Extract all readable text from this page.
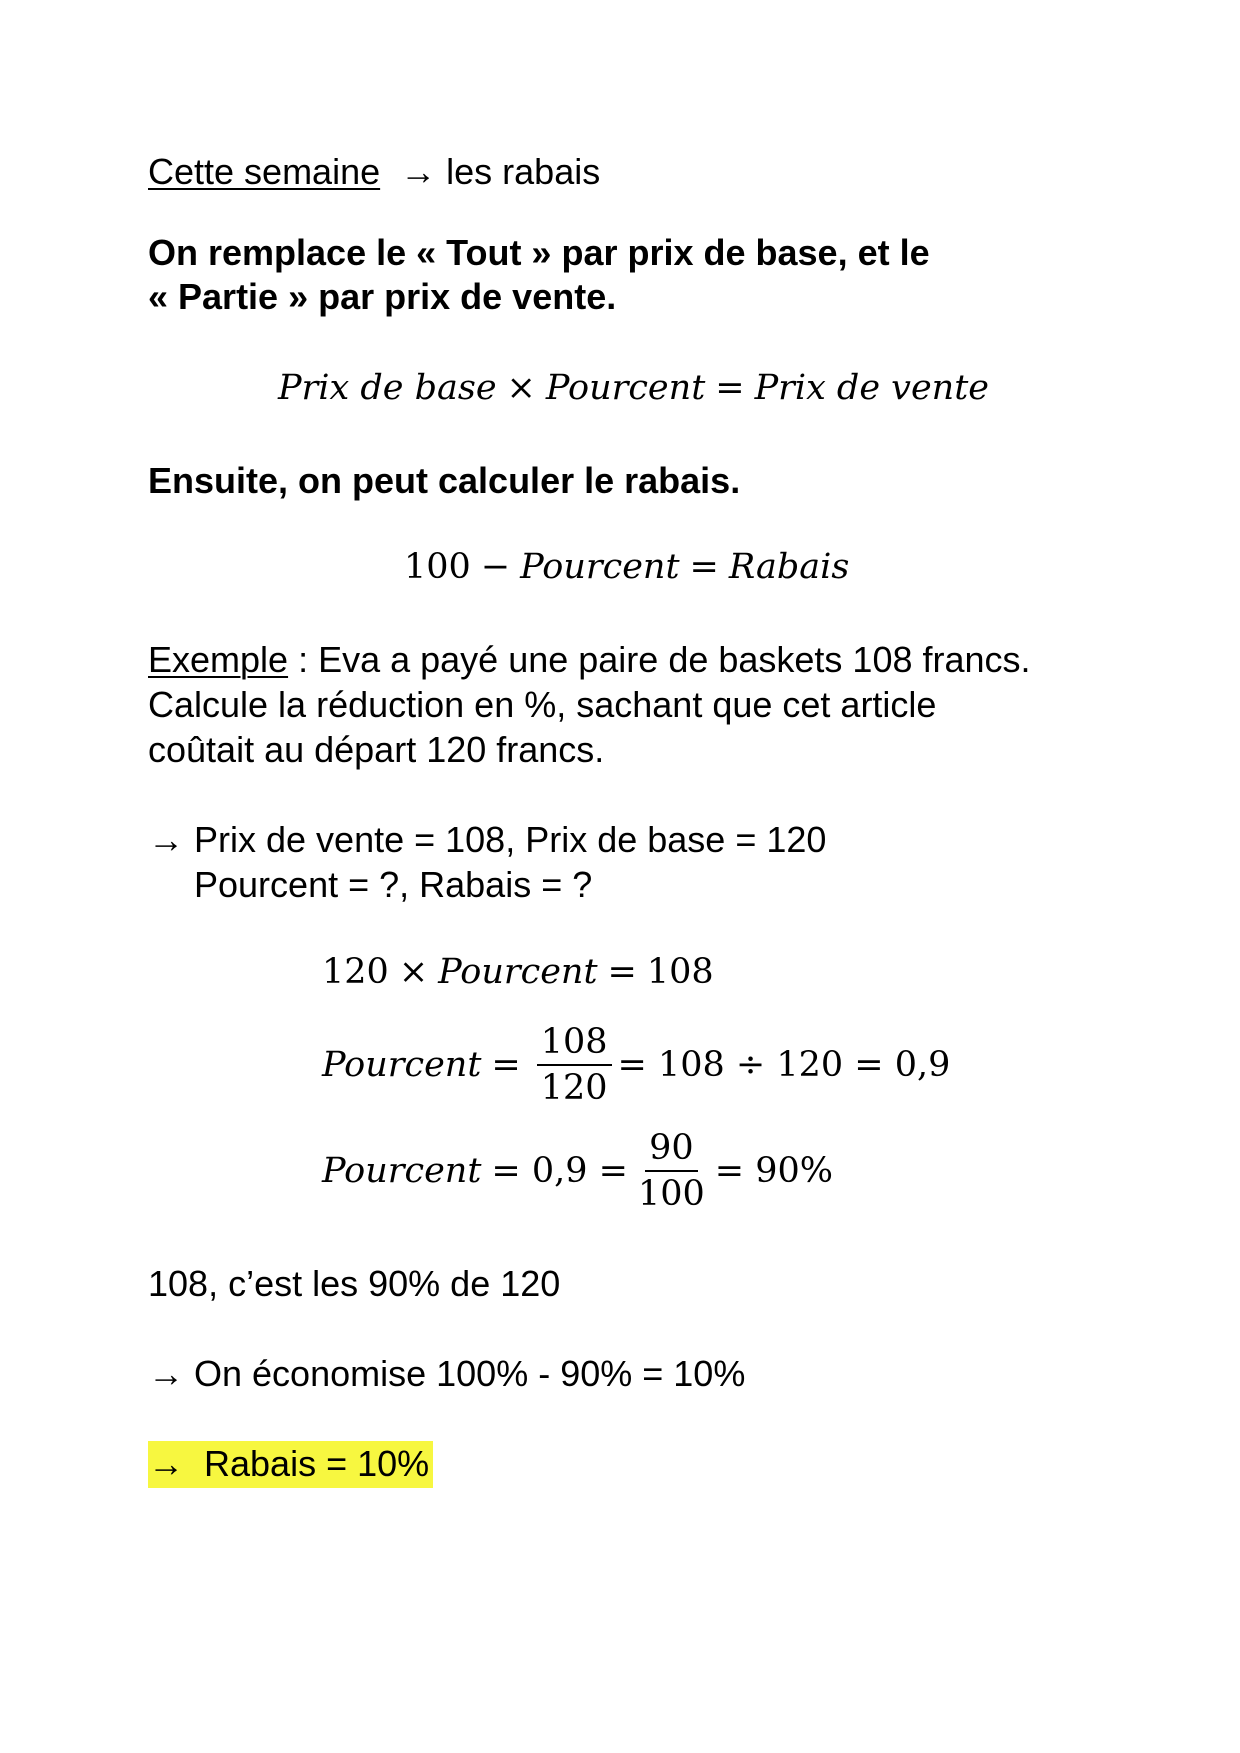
Cette semaine → les rabais
On remplace le « Tout » par prix de base, et le
« Partie » par prix de vente.
Prix de base × Pourcent = Prix de vente
Ensuite, on peut calculer le rabais.
100 − Pourcent = Rabais
Exemple : Eva a payé une paire de baskets 108 francs.
Calcule la réduction en %, sachant que cet article
coûtait au départ 120 francs.
→ Prix de vente = 108, Prix de base = 120
Pourcent = ?, Rabais = ?
120 × Pourcent = 108
Pourcent = $\frac{108}{120} = 108 \div 120 = 0,9$
Pourcent = $0,9 = \frac{90}{100} = 90\%$
108, c’est les 90% de 120
→ On économise 100% - 90% = 10%
→  Rabais = 10%
